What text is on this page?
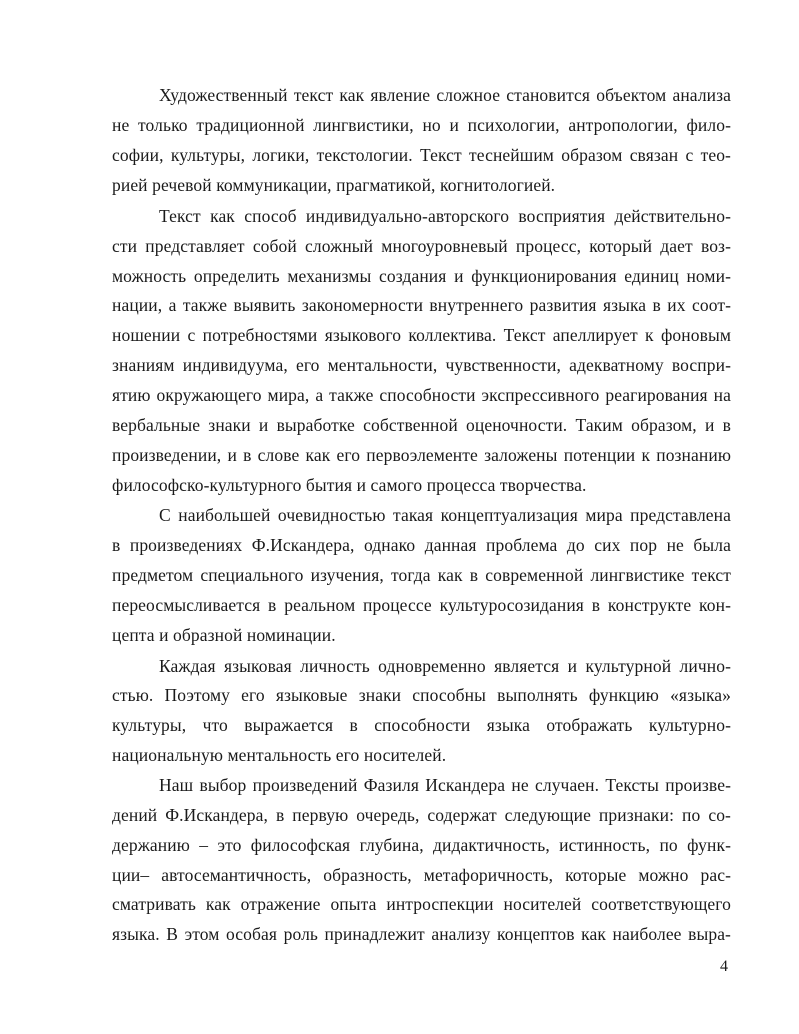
Художественный текст как явление сложное становится объектом анализа
не только традиционной лингвистики, но и психологии, антропологии, фило-
софии, культуры, логики, текстологии. Текст теснейшим образом связан с тео-
рией речевой коммуникации, прагматикой, когнитологией.
Текст как способ индивидуально-авторского восприятия действительно-
сти представляет собой сложный многоуровневый процесс, который дает воз-
можность определить механизмы создания и функционирования единиц номи-
нации, а также выявить закономерности внутреннего развития языка в их соот-
ношении с потребностями языкового коллектива. Текст апеллирует к фоновым
знаниям индивидуума, его ментальности, чувственности, адекватному воспри-
ятию окружающего мира, а также способности экспрессивного реагирования на
вербальные знаки и выработке собственной оценочности. Таким образом, и в
произведении, и в слове как его первоэлементе заложены потенции к познанию
философско-культурного бытия и самого процесса творчества.
С наибольшей очевидностью такая концептуализация мира представлена
в произведениях Ф.Искандера, однако данная проблема до сих пор не была
предметом специального изучения, тогда как в современной лингвистике текст
переосмысливается в реальном процессе культуросозидания в конструкте кон-
цепта и образной номинации.
Каждая языковая личность одновременно является и культурной лично-
стью. Поэтому его языковые знаки способны выполнять функцию «языка»
культуры, что выражается в способности языка отображать культурно-
национальную ментальность его носителей.
Наш выбор произведений Фазиля Искандера не случаен. Тексты произве-
дений Ф.Искандера, в первую очередь, содержат следующие признаки: по со-
держанию – это философская глубина, дидактичность, истинность, по функ-
ции– автосемантичность, образность, метафоричность, которые можно рас-
сматривать как отражение опыта интроспекции носителей соответствующего
языка. В этом особая роль принадлежит анализу концептов как наиболее выра-
4
